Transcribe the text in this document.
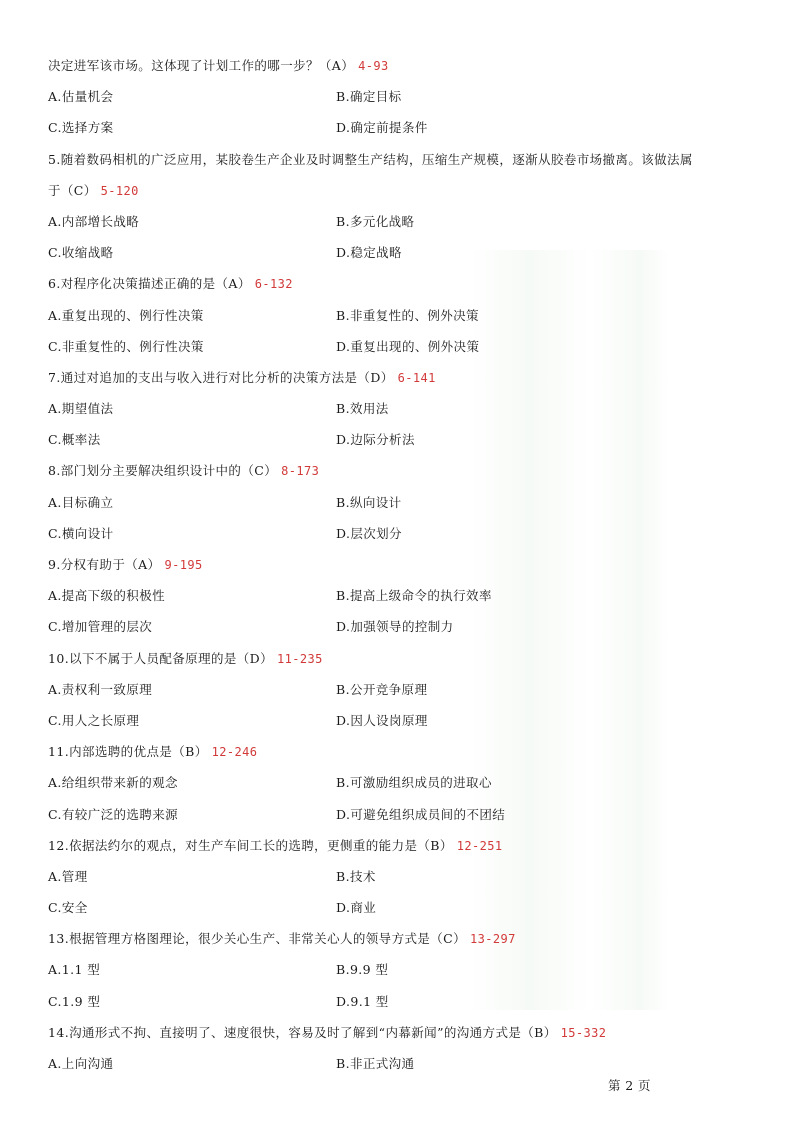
决定进军该市场。这体现了计划工作的哪一步？（A） 4-93
A.估量机会	B.确定目标
C.选择方案	D.确定前提条件
5.随着数码相机的广泛应用，某胶卷生产企业及时调整生产结构，压缩生产规模，逐渐从胶卷市场撤离。该做法属
于（C） 5-120
A.内部增长战略	B.多元化战略
C.收缩战略	D.稳定战略
6.对程序化决策描述正确的是（A） 6-132
A.重复出现的、例行性决策	B.非重复性的、例外决策
C.非重复性的、例行性决策	D.重复出现的、例外决策
7.通过对追加的支出与收入进行对比分析的决策方法是（D） 6-141
A.期望值法	B.效用法
C.概率法	D.边际分析法
8.部门划分主要解决组织设计中的（C） 8-173
A.目标确立	B.纵向设计
C.横向设计	D.层次划分
9.分权有助于（A） 9-195
A.提高下级的积极性	B.提高上级命令的执行效率
C.增加管理的层次	D.加强领导的控制力
10.以下不属于人员配备原理的是（D） 11-235
A.责权利一致原理	B.公开竞争原理
C.用人之长原理	D.因人设岗原理
11.内部选聘的优点是（B） 12-246
A.给组织带来新的观念	B.可激励组织成员的进取心
C.有较广泛的选聘来源	D.可避免组织成员间的不团结
12.依据法约尔的观点，对生产车间工长的选聘，更侧重的能力是（B） 12-251
A.管理	B.技术
C.安全	D.商业
13.根据管理方格图理论，很少关心生产、非常关心人的领导方式是（C） 13-297
A.1.1 型	B.9.9 型
C.1.9 型	D.9.1 型
14.沟通形式不拘、直接明了、速度很快，容易及时了解到“内幕新闻”的沟通方式是（B） 15-332
A.上向沟通	B.非正式沟通
第 2 页
